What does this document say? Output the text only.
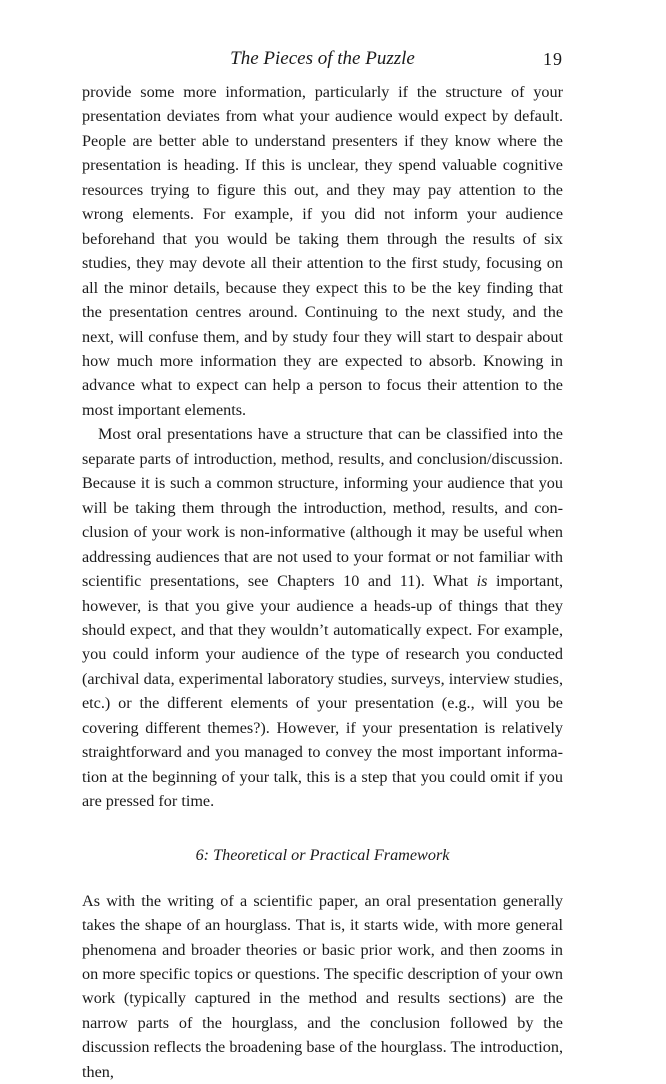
The Pieces of the Puzzle	19

provide some more information, particularly if the structure of your presentation deviates from what your audience would expect by default. People are better able to understand presenters if they know where the presentation is heading. If this is unclear, they spend valuable cognitive resources trying to figure this out, and they may pay attention to the wrong elements. For example, if you did not inform your audience beforehand that you would be taking them through the results of six studies, they may devote all their attention to the first study, focusing on all the minor details, because they expect this to be the key finding that the presentation centres around. Continuing to the next study, and the next, will confuse them, and by study four they will start to despair about how much more information they are expected to absorb. Knowing in advance what to expect can help a person to focus their attention to the most important elements.

Most oral presentations have a structure that can be classified into the separate parts of introduction, method, results, and conclusion/discussion. Because it is such a common structure, informing your audience that you will be taking them through the introduction, method, results, and conclusion of your work is non-informative (although it may be useful when addressing audiences that are not used to your format or not familiar with scientific presentations, see Chapters 10 and 11). What is important, however, is that you give your audience a heads-up of things that they should expect, and that they wouldn’t automatically expect. For example, you could inform your audience of the type of research you conducted (archival data, experimental laboratory studies, surveys, interview studies, etc.) or the different elements of your presentation (e.g., will you be covering different themes?). However, if your presentation is relatively straightforward and you managed to convey the most important information at the beginning of your talk, this is a step that you could omit if you are pressed for time.

6: Theoretical or Practical Framework

As with the writing of a scientific paper, an oral presentation generally takes the shape of an hourglass. That is, it starts wide, with more general phenomena and broader theories or basic prior work, and then zooms in on more specific topics or questions. The specific description of your own work (typically captured in the method and results sections) are the narrow parts of the hourglass, and the conclusion followed by the discussion reflects the broadening base of the hourglass. The introduction, then,
